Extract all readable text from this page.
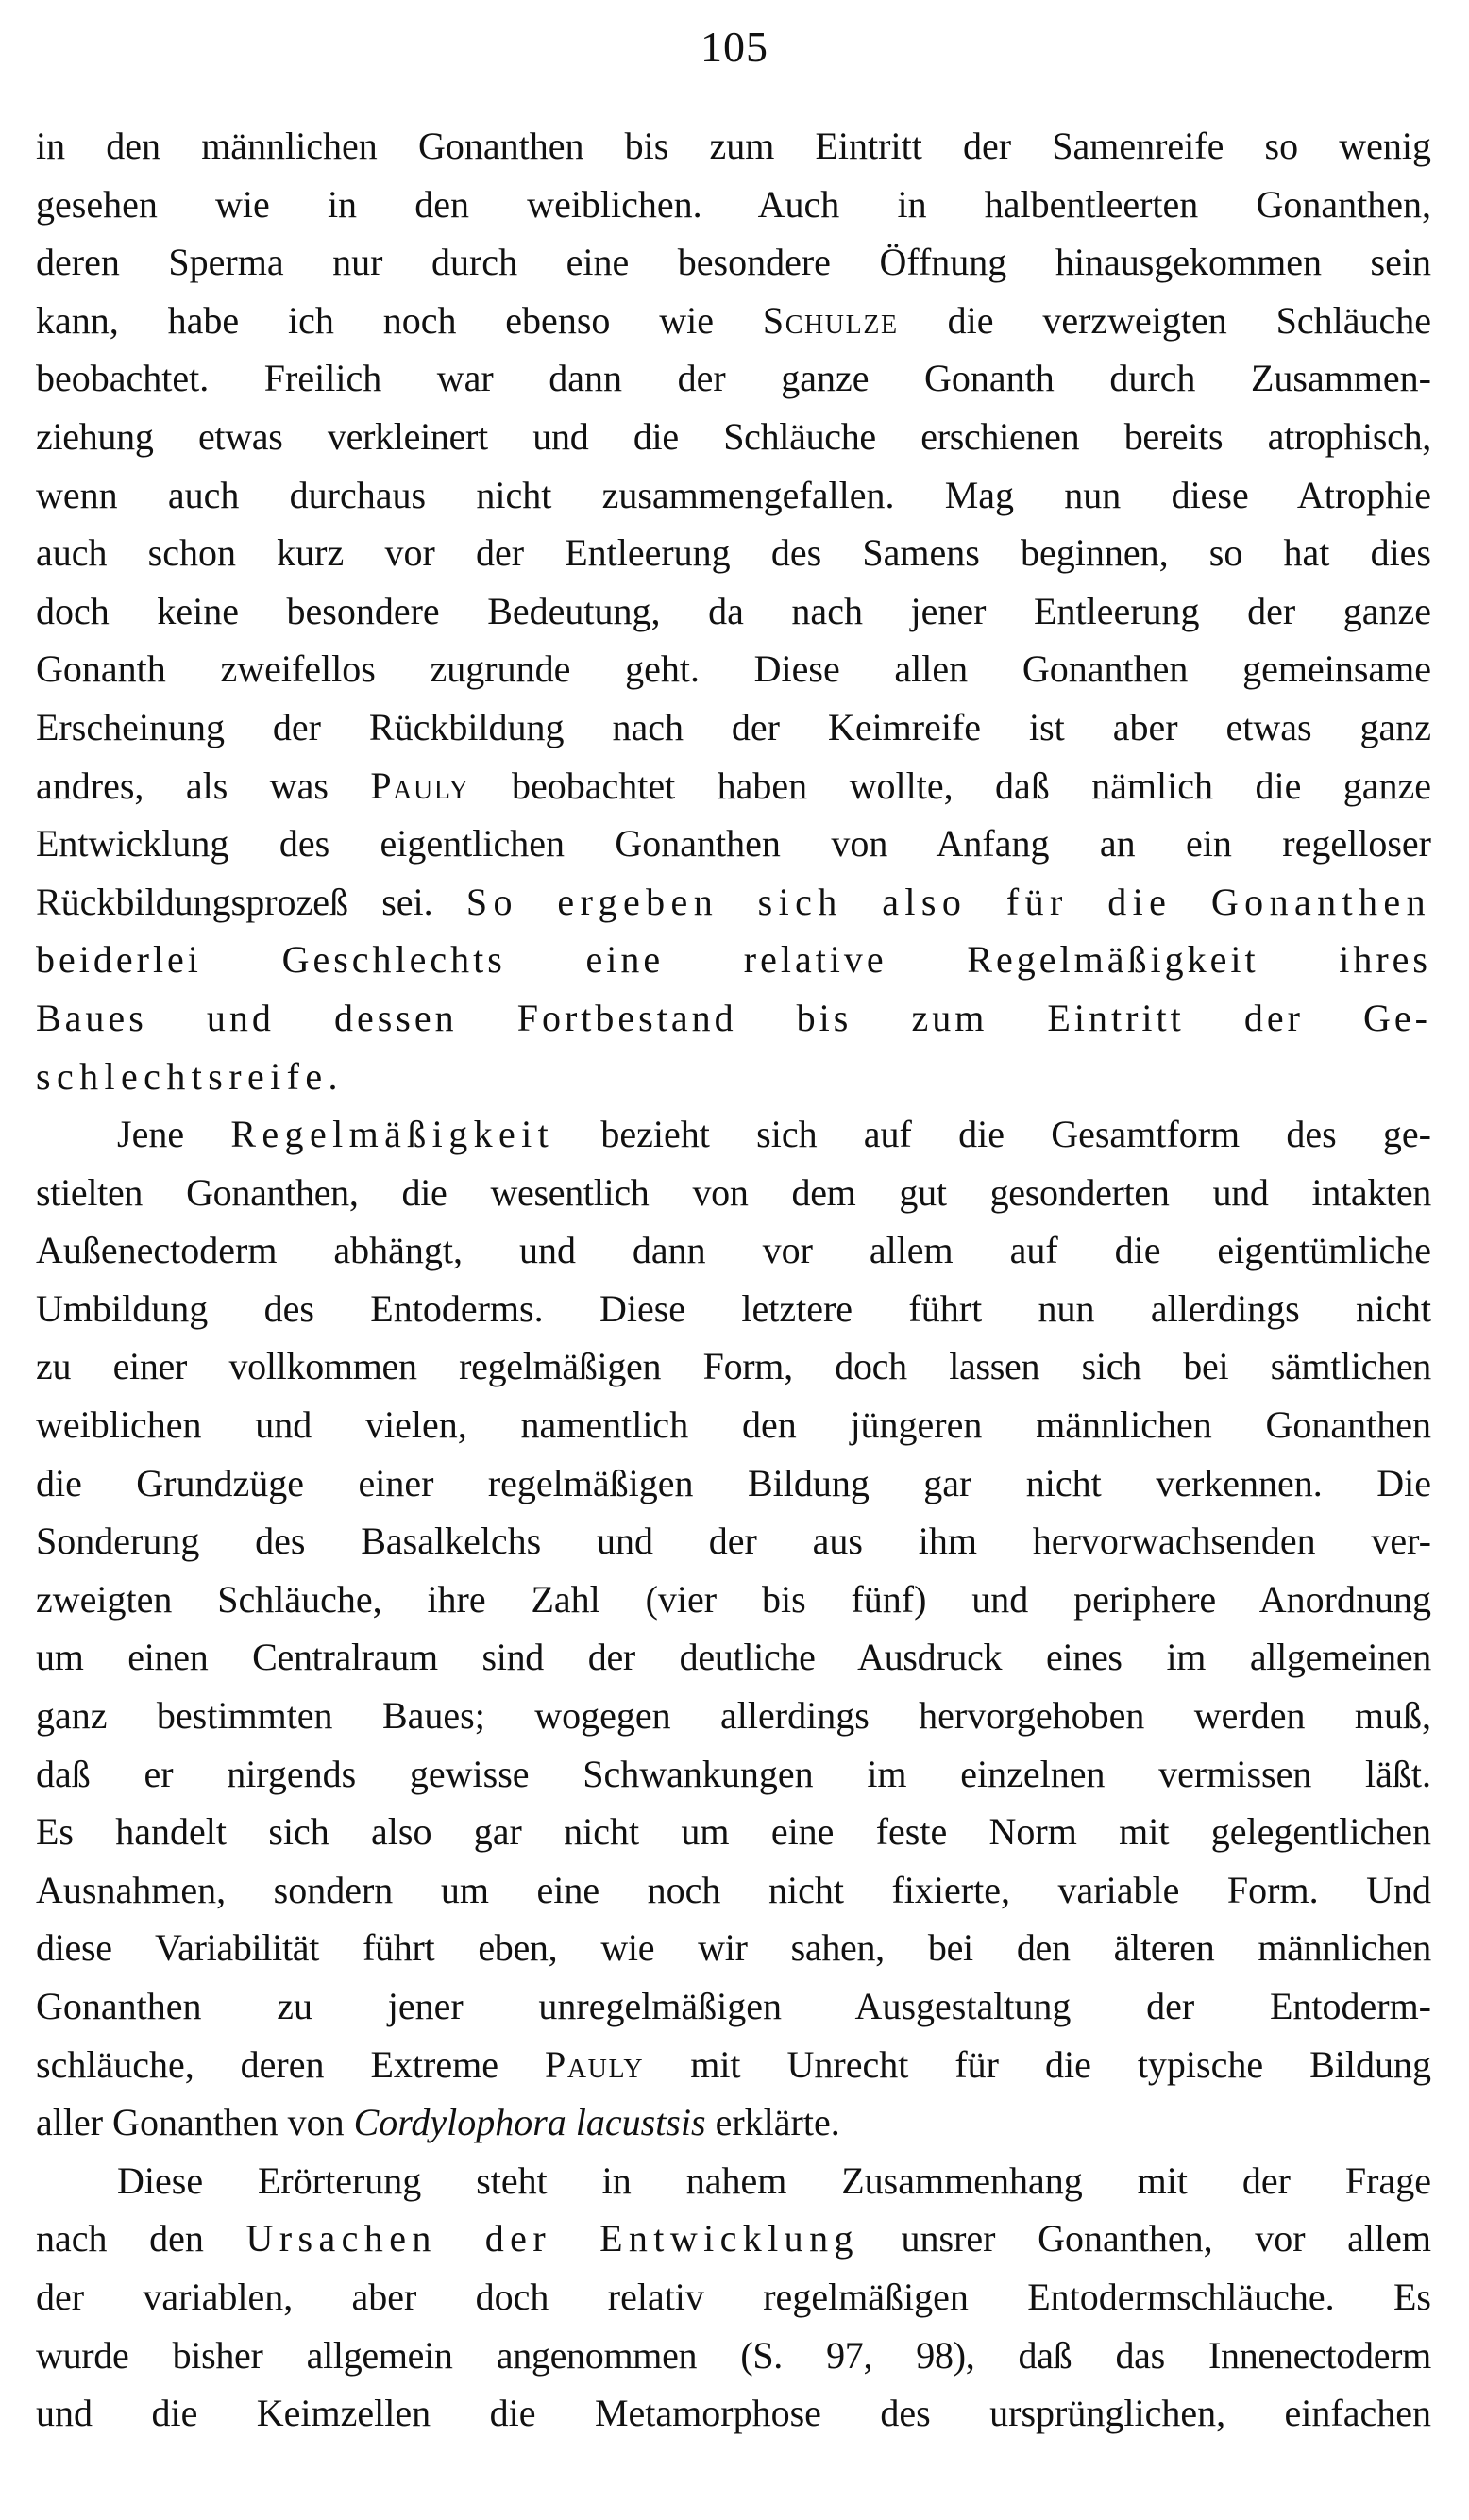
105
in den männlichen Gonanthen bis zum Eintritt der Samenreife so wenig
gesehen wie in den weiblichen. Auch in halbentleerten Gonanthen,
deren Sperma nur durch eine besondere Öffnung hinausgekommen sein
kann, habe ich noch ebenso wie Schulze die verzweigten Schläuche
beobachtet. Freilich war dann der ganze Gonanth durch Zusammen-
ziehung etwas verkleinert und die Schläuche erschienen bereits atrophisch,
wenn auch durchaus nicht zusammengefallen. Mag nun diese Atrophie
auch schon kurz vor der Entleerung des Samens beginnen, so hat dies
doch keine besondere Bedeutung, da nach jener Entleerung der ganze
Gonanth zweifellos zugrunde geht. Diese allen Gonanthen gemeinsame
Erscheinung der Rückbildung nach der Keimreife ist aber etwas ganz
andres, als was Pauly beobachtet haben wollte, daß nämlich die ganze
Entwicklung des eigentlichen Gonanthen von Anfang an ein regelloser
Rückbildungsprozeß sei. So ergeben sich also für die Gonanthen
beiderlei Geschlechts eine relative Regelmäßigkeit ihres
Baues und dessen Fortbestand bis zum Eintritt der Ge-
schlechtsreife.
Jene Regelmäßigkeit bezieht sich auf die Gesamtform des ge-
stielten Gonanthen, die wesentlich von dem gut gesonderten und intakten
Außenectoderm abhängt, und dann vor allem auf die eigentümliche
Umbildung des Entoderms. Diese letztere führt nun allerdings nicht
zu einer vollkommen regelmäßigen Form, doch lassen sich bei sämtlichen
weiblichen und vielen, namentlich den jüngeren männlichen Gonanthen
die Grundzüge einer regelmäßigen Bildung gar nicht verkennen. Die
Sonderung des Basalkelchs und der aus ihm hervorwachsenden ver-
zweigten Schläuche, ihre Zahl (vier bis fünf) und periphere Anordnung
um einen Centralraum sind der deutliche Ausdruck eines im allgemeinen
ganz bestimmten Baues; wogegen allerdings hervorgehoben werden muß,
daß er nirgends gewisse Schwankungen im einzelnen vermissen läßt.
Es handelt sich also gar nicht um eine feste Norm mit gelegentlichen
Ausnahmen, sondern um eine noch nicht fixierte, variable Form. Und
diese Variabilität führt eben, wie wir sahen, bei den älteren männlichen
Gonanthen zu jener unregelmäßigen Ausgestaltung der Entoderm-
schläuche, deren Extreme Pauly mit Unrecht für die typische Bildung
aller Gonanthen von Cordylophora lacustsis erklärte.
Diese Erörterung steht in nahem Zusammenhang mit der Frage
nach den Ursachen der Entwicklung unsrer Gonanthen, vor allem
der variablen, aber doch relativ regelmäßigen Entodermschläuche. Es
wurde bisher allgemein angenommen (S. 97, 98), daß das Innenectoderm
und die Keimzellen die Metamorphose des ursprünglichen, einfachen
